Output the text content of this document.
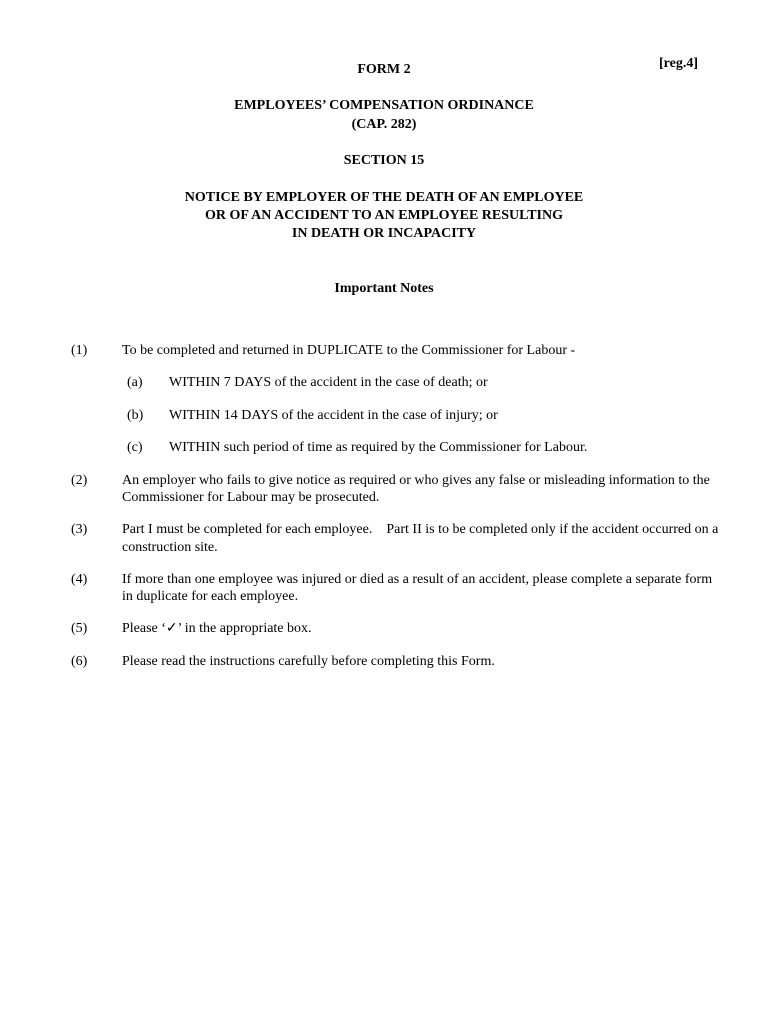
[reg.4]
FORM 2
EMPLOYEES’ COMPENSATION ORDINANCE
(CAP. 282)
SECTION 15
NOTICE BY EMPLOYER OF THE DEATH OF AN EMPLOYEE
OR OF AN ACCIDENT TO AN EMPLOYEE RESULTING
IN DEATH OR INCAPACITY
Important Notes
(1) To be completed and returned in DUPLICATE to the Commissioner for Labour -
(a) WITHIN 7 DAYS of the accident in the case of death; or
(b) WITHIN 14 DAYS of the accident in the case of injury; or
(c) WITHIN such period of time as required by the Commissioner for Labour.
(2) An employer who fails to give notice as required or who gives any false or misleading information to the
Commissioner for Labour may be prosecuted.
(3) Part I must be completed for each employee.    Part II is to be completed only if the accident occurred on a
construction site.
(4) If more than one employee was injured or died as a result of an accident, please complete a separate form
in duplicate for each employee.
(5) Please ‘✓’ in the appropriate box.
(6) Please read the instructions carefully before completing this Form.
